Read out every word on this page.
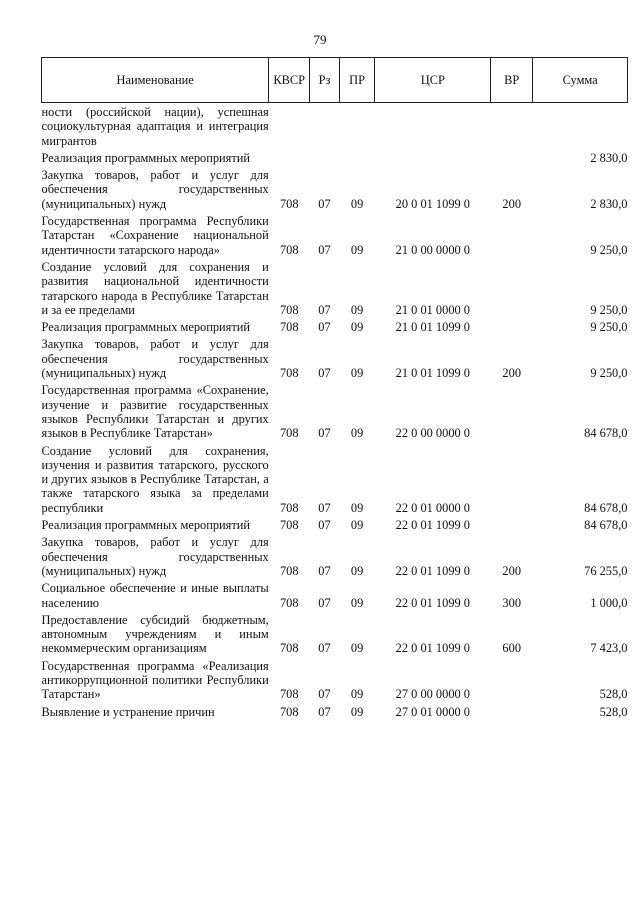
79
Наименование	КВСР	Рз	ПР	ЦСР	ВР	Сумма
ности (российской нации), успешная социокультурная адаптация и интеграция мигрантов						
Реализация программных мероприятий						2 830,0
Закупка товаров, работ и услуг для обеспечения государственных (муниципальных) нужд	708	07	09	20 0 01 1099 0	200	2 830,0
Государственная программа Республики Татарстан «Сохранение национальной идентичности татарского народа»	708	07	09	21 0 00 0000 0		9 250,0
Создание условий для сохранения и развития национальной идентичности татарского народа в Республике Татарстан и за ее пределами	708	07	09	21 0 01 0000 0		9 250,0
Реализация программных мероприятий	708	07	09	21 0 01 1099 0		9 250,0
Закупка товаров, работ и услуг для обеспечения государственных (муниципальных) нужд	708	07	09	21 0 01 1099 0	200	9 250,0
Государственная программа «Сохранение, изучение и развитие государственных языков Республики Татарстан и других языков в Республике Татарстан»	708	07	09	22 0 00 0000 0		84 678,0
Создание условий для сохранения, изучения и развития татарского, русского и других языков в Республике Татарстан, а также татарского языка за пределами республики	708	07	09	22 0 01 0000 0		84 678,0
Реализация программных мероприятий	708	07	09	22 0 01 1099 0		84 678,0
Закупка товаров, работ и услуг для обеспечения государственных (муниципальных) нужд	708	07	09	22 0 01 1099 0	200	76 255,0
Социальное обеспечение и иные выплаты населению	708	07	09	22 0 01 1099 0	300	1 000,0
Предоставление субсидий бюджетным, автономным учреждениям и иным некоммерческим организациям	708	07	09	22 0 01 1099 0	600	7 423,0
Государственная программа «Реализация антикоррупционной политики Республики Татарстан»	708	07	09	27 0 00 0000 0		528,0
Выявление и устранение причин	708	07	09	27 0 01 0000 0		528,0
